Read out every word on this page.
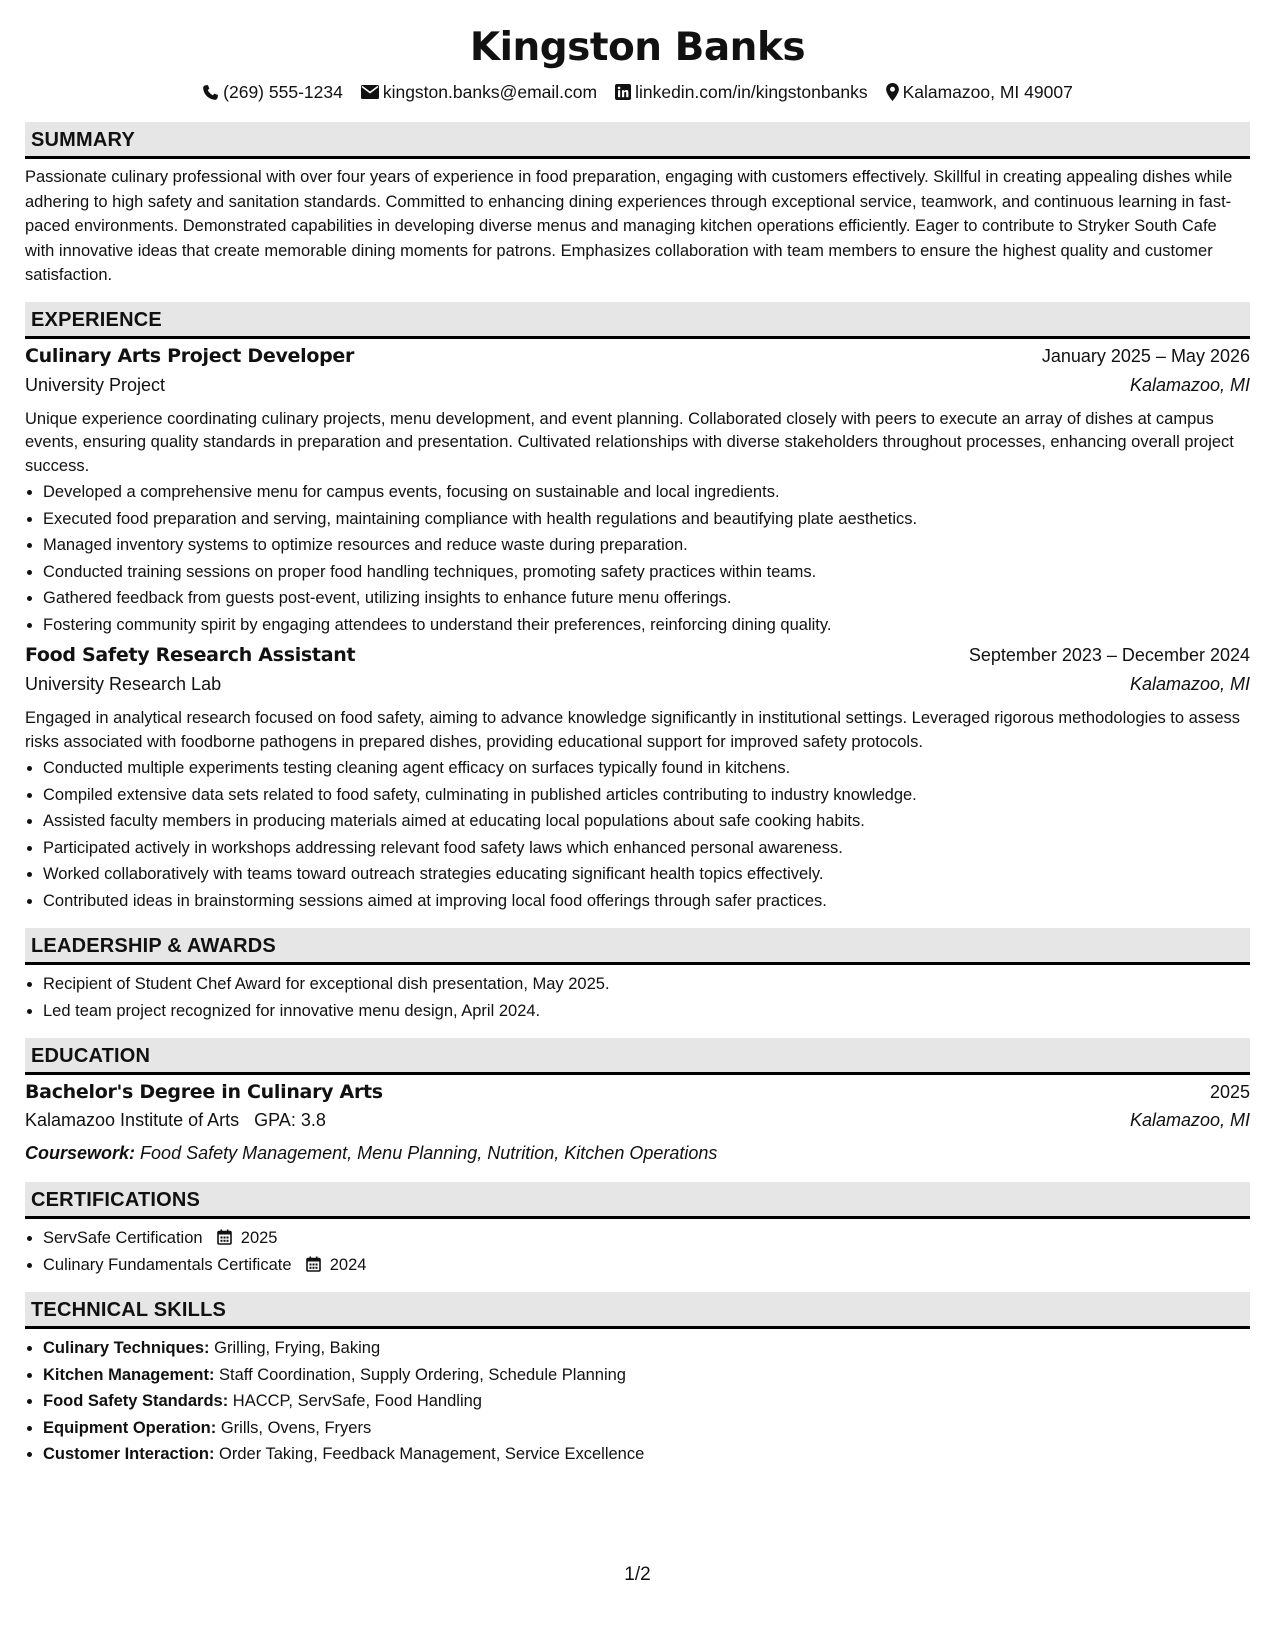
Kingston Banks
(269) 555-1234 kingston.banks@email.com linkedin.com/in/kingstonbanks Kalamazoo, MI 49007
SUMMARY
Passionate culinary professional with over four years of experience in food preparation, engaging with customers effectively. Skillful in creating appealing dishes while adhering to high safety and sanitation standards. Committed to enhancing dining experiences through exceptional service, teamwork, and continuous learning in fast-paced environments. Demonstrated capabilities in developing diverse menus and managing kitchen operations efficiently. Eager to contribute to Stryker South Cafe with innovative ideas that create memorable dining moments for patrons. Emphasizes collaboration with team members to ensure the highest quality and customer satisfaction.
EXPERIENCE
Culinary Arts Project Developer	January 2025 – May 2026
University Project	Kalamazoo, MI
Unique experience coordinating culinary projects, menu development, and event planning. Collaborated closely with peers to execute an array of dishes at campus events, ensuring quality standards in preparation and presentation. Cultivated relationships with diverse stakeholders throughout processes, enhancing overall project success.
• Developed a comprehensive menu for campus events, focusing on sustainable and local ingredients.
• Executed food preparation and serving, maintaining compliance with health regulations and beautifying plate aesthetics.
• Managed inventory systems to optimize resources and reduce waste during preparation.
• Conducted training sessions on proper food handling techniques, promoting safety practices within teams.
• Gathered feedback from guests post-event, utilizing insights to enhance future menu offerings.
• Fostering community spirit by engaging attendees to understand their preferences, reinforcing dining quality.
Food Safety Research Assistant	September 2023 – December 2024
University Research Lab	Kalamazoo, MI
Engaged in analytical research focused on food safety, aiming to advance knowledge significantly in institutional settings. Leveraged rigorous methodologies to assess risks associated with foodborne pathogens in prepared dishes, providing educational support for improved safety protocols.
• Conducted multiple experiments testing cleaning agent efficacy on surfaces typically found in kitchens.
• Compiled extensive data sets related to food safety, culminating in published articles contributing to industry knowledge.
• Assisted faculty members in producing materials aimed at educating local populations about safe cooking habits.
• Participated actively in workshops addressing relevant food safety laws which enhanced personal awareness.
• Worked collaboratively with teams toward outreach strategies educating significant health topics effectively.
• Contributed ideas in brainstorming sessions aimed at improving local food offerings through safer practices.
LEADERSHIP & AWARDS
• Recipient of Student Chef Award for exceptional dish presentation, May 2025.
• Led team project recognized for innovative menu design, April 2024.
EDUCATION
Bachelor's Degree in Culinary Arts	2025
Kalamazoo Institute of Arts GPA: 3.8	Kalamazoo, MI
Coursework: Food Safety Management, Menu Planning, Nutrition, Kitchen Operations
CERTIFICATIONS
• ServSafe Certification 2025
• Culinary Fundamentals Certificate 2024
TECHNICAL SKILLS
• Culinary Techniques: Grilling, Frying, Baking
• Kitchen Management: Staff Coordination, Supply Ordering, Schedule Planning
• Food Safety Standards: HACCP, ServSafe, Food Handling
• Equipment Operation: Grills, Ovens, Fryers
• Customer Interaction: Order Taking, Feedback Management, Service Excellence
1/2
